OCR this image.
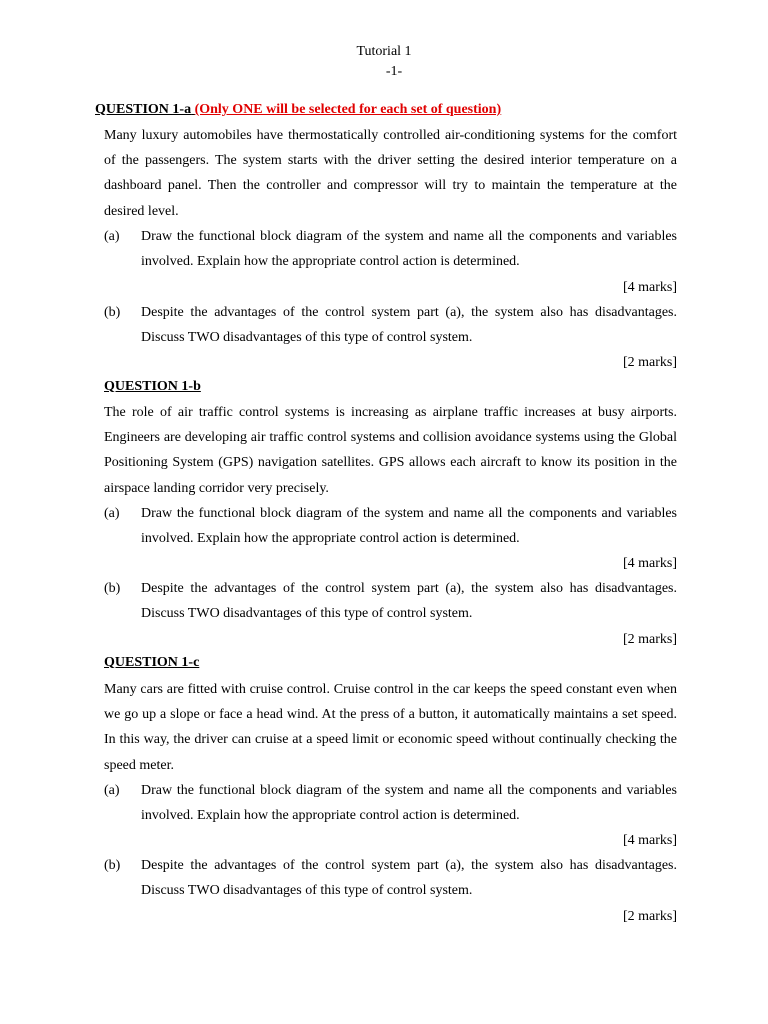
Tutorial 1
-1-
QUESTION 1-a (Only ONE will be selected for each set of question)
Many luxury automobiles have thermostatically controlled air-conditioning systems for the comfort of the passengers. The system starts with the driver setting the desired interior temperature on a dashboard panel. Then the controller and compressor will try to maintain the temperature at the desired level.
(a) Draw the functional block diagram of the system and name all the components and variables involved. Explain how the appropriate control action is determined.
[4 marks]
(b) Despite the advantages of the control system part (a), the system also has disadvantages. Discuss TWO disadvantages of this type of control system.
[2 marks]
QUESTION 1-b
The role of air traffic control systems is increasing as airplane traffic increases at busy airports. Engineers are developing air traffic control systems and collision avoidance systems using the Global Positioning System (GPS) navigation satellites. GPS allows each aircraft to know its position in the airspace landing corridor very precisely.
(a) Draw the functional block diagram of the system and name all the components and variables involved. Explain how the appropriate control action is determined.
[4 marks]
(b) Despite the advantages of the control system part (a), the system also has disadvantages. Discuss TWO disadvantages of this type of control system.
[2 marks]
QUESTION 1-c
Many cars are fitted with cruise control. Cruise control in the car keeps the speed constant even when we go up a slope or face a head wind. At the press of a button, it automatically maintains a set speed. In this way, the driver can cruise at a speed limit or economic speed without continually checking the speed meter.
(a) Draw the functional block diagram of the system and name all the components and variables involved. Explain how the appropriate control action is determined.
[4 marks]
(b) Despite the advantages of the control system part (a), the system also has disadvantages. Discuss TWO disadvantages of this type of control system.
[2 marks]
